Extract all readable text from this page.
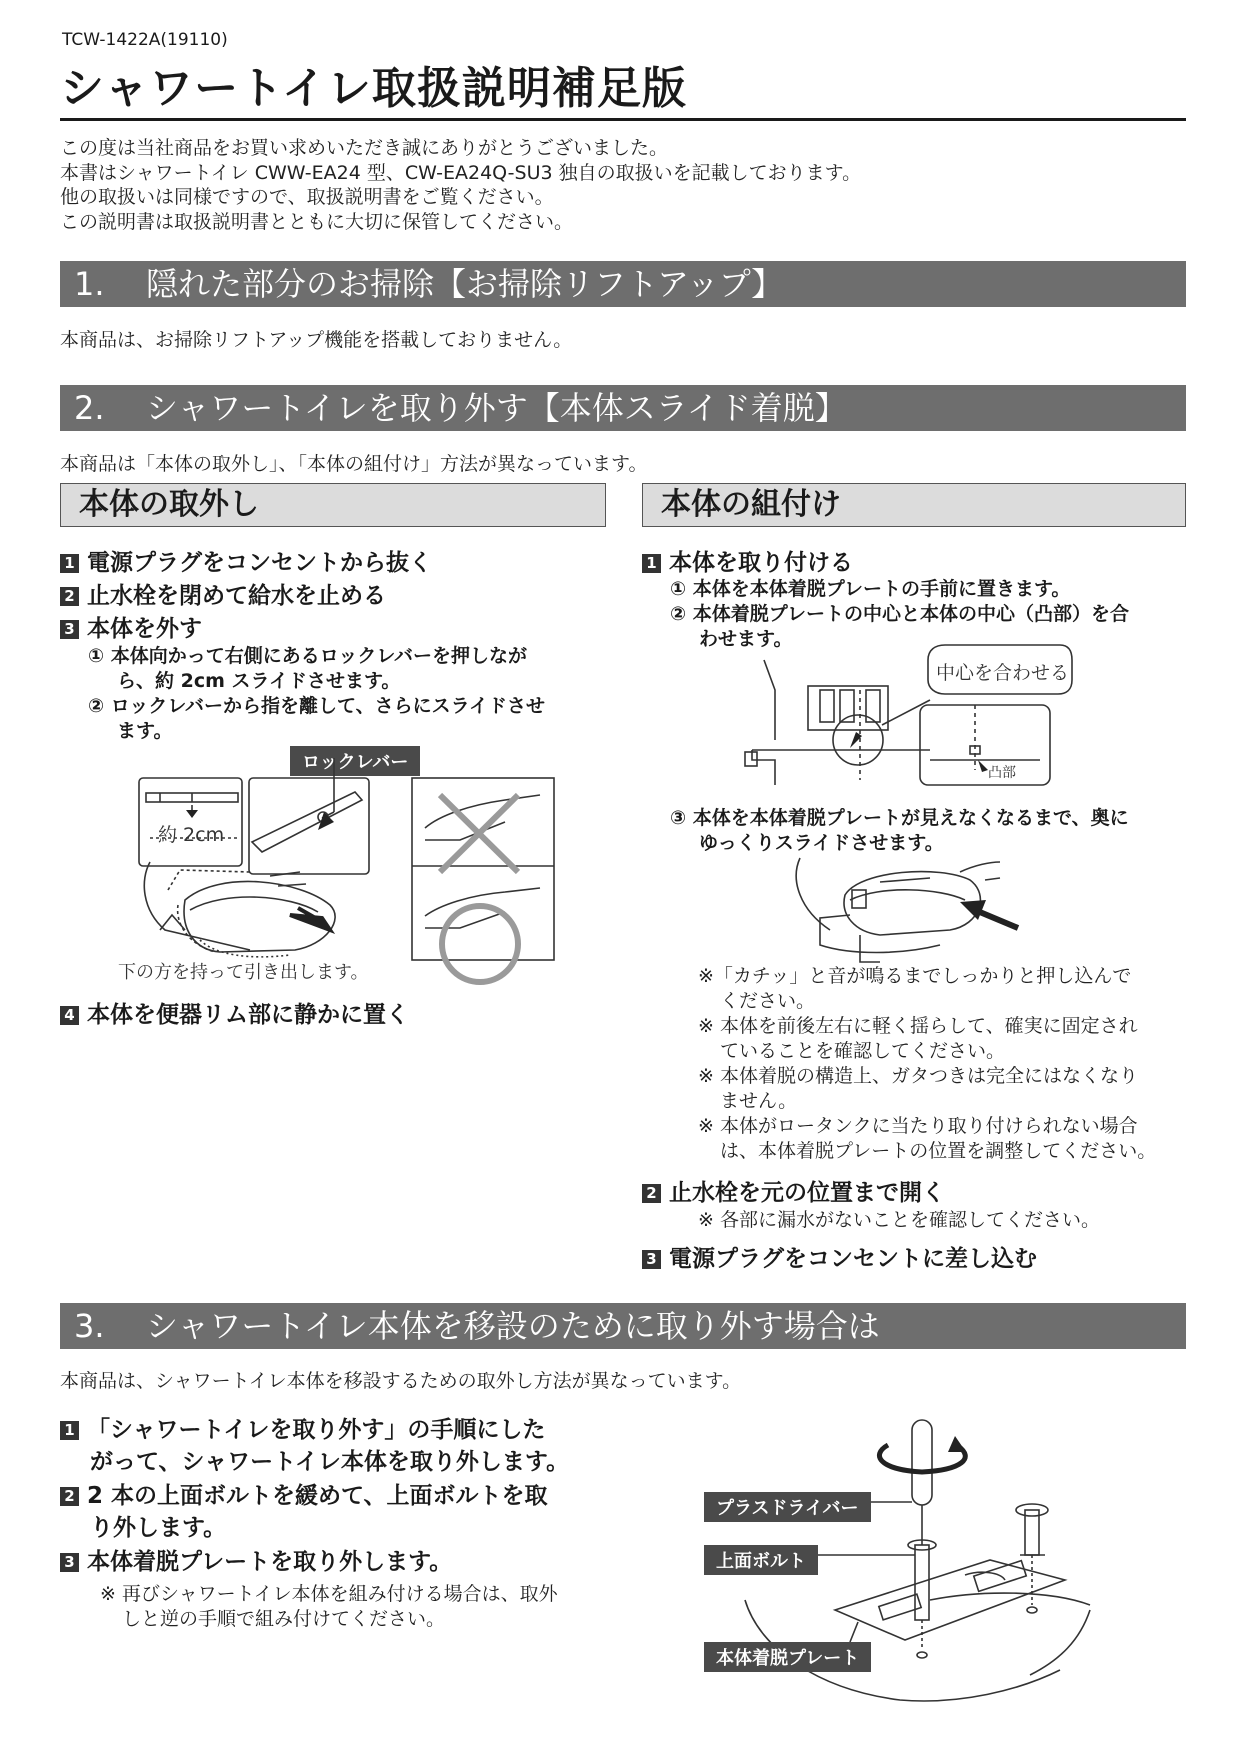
TCW-1422A(19110)
シャワートイレ取扱説明補足版
この度は当社商品をお買い求めいただき誠にありがとうございました。
本書はシャワートイレ CWW-EA24 型、CW-EA24Q-SU3 独自の取扱いを記載しております。
他の取扱いは同様ですので、取扱説明書をご覧ください。
この説明書は取扱説明書とともに大切に保管してください。
1. 隠れた部分のお掃除【お掃除リフトアップ】
本商品は、お掃除リフトアップ機能を搭載しておりません。
2. シャワートイレを取り外す【本体スライド着脱】
本商品は「本体の取外し」、「本体の組付け」方法が異なっています。
本体の取外し	本体の組付け
1 電源プラグをコンセントから抜く
2 止水栓を閉めて給水を止める
3 本体を外す
① 本体向かって右側にあるロックレバーを押しなが
ら、約 2cm スライドさせます。
② ロックレバーから指を離して、さらにスライドさせ
ます。
ロックレバー
約 2cm
下の方を持って引き出します。
4 本体を便器リム部に静かに置く
1 本体を取り付ける
① 本体を本体着脱プレートの手前に置きます。
② 本体着脱プレートの中心と本体の中心（凸部）を合
わせます。
中心を合わせる
凸部
③ 本体を本体着脱プレートが見えなくなるまで、奥に
ゆっくりスライドさせます。
※「カチッ」と音が鳴るまでしっかりと押し込んで
ください。
※ 本体を前後左右に軽く揺らして、確実に固定され
ていることを確認してください。
※ 本体着脱の構造上、ガタつきは完全にはなくなり
ません。
※ 本体がロータンクに当たり取り付けられない場合
は、本体着脱プレートの位置を調整してください。
2 止水栓を元の位置まで開く
※ 各部に漏水がないことを確認してください。
3 電源プラグをコンセントに差し込む
3. シャワートイレ本体を移設のために取り外す場合は
本商品は、シャワートイレ本体を移設するための取外し方法が異なっています。
1 「シャワートイレを取り外す」の手順にした
がって、シャワートイレ本体を取り外します。
2 2 本の上面ボルトを緩めて、上面ボルトを取
り外します。
3 本体着脱プレートを取り外します。
※ 再びシャワートイレ本体を組み付ける場合は、取外
しと逆の手順で組み付けてください。
プラスドライバー
上面ボルト
本体着脱プレート
